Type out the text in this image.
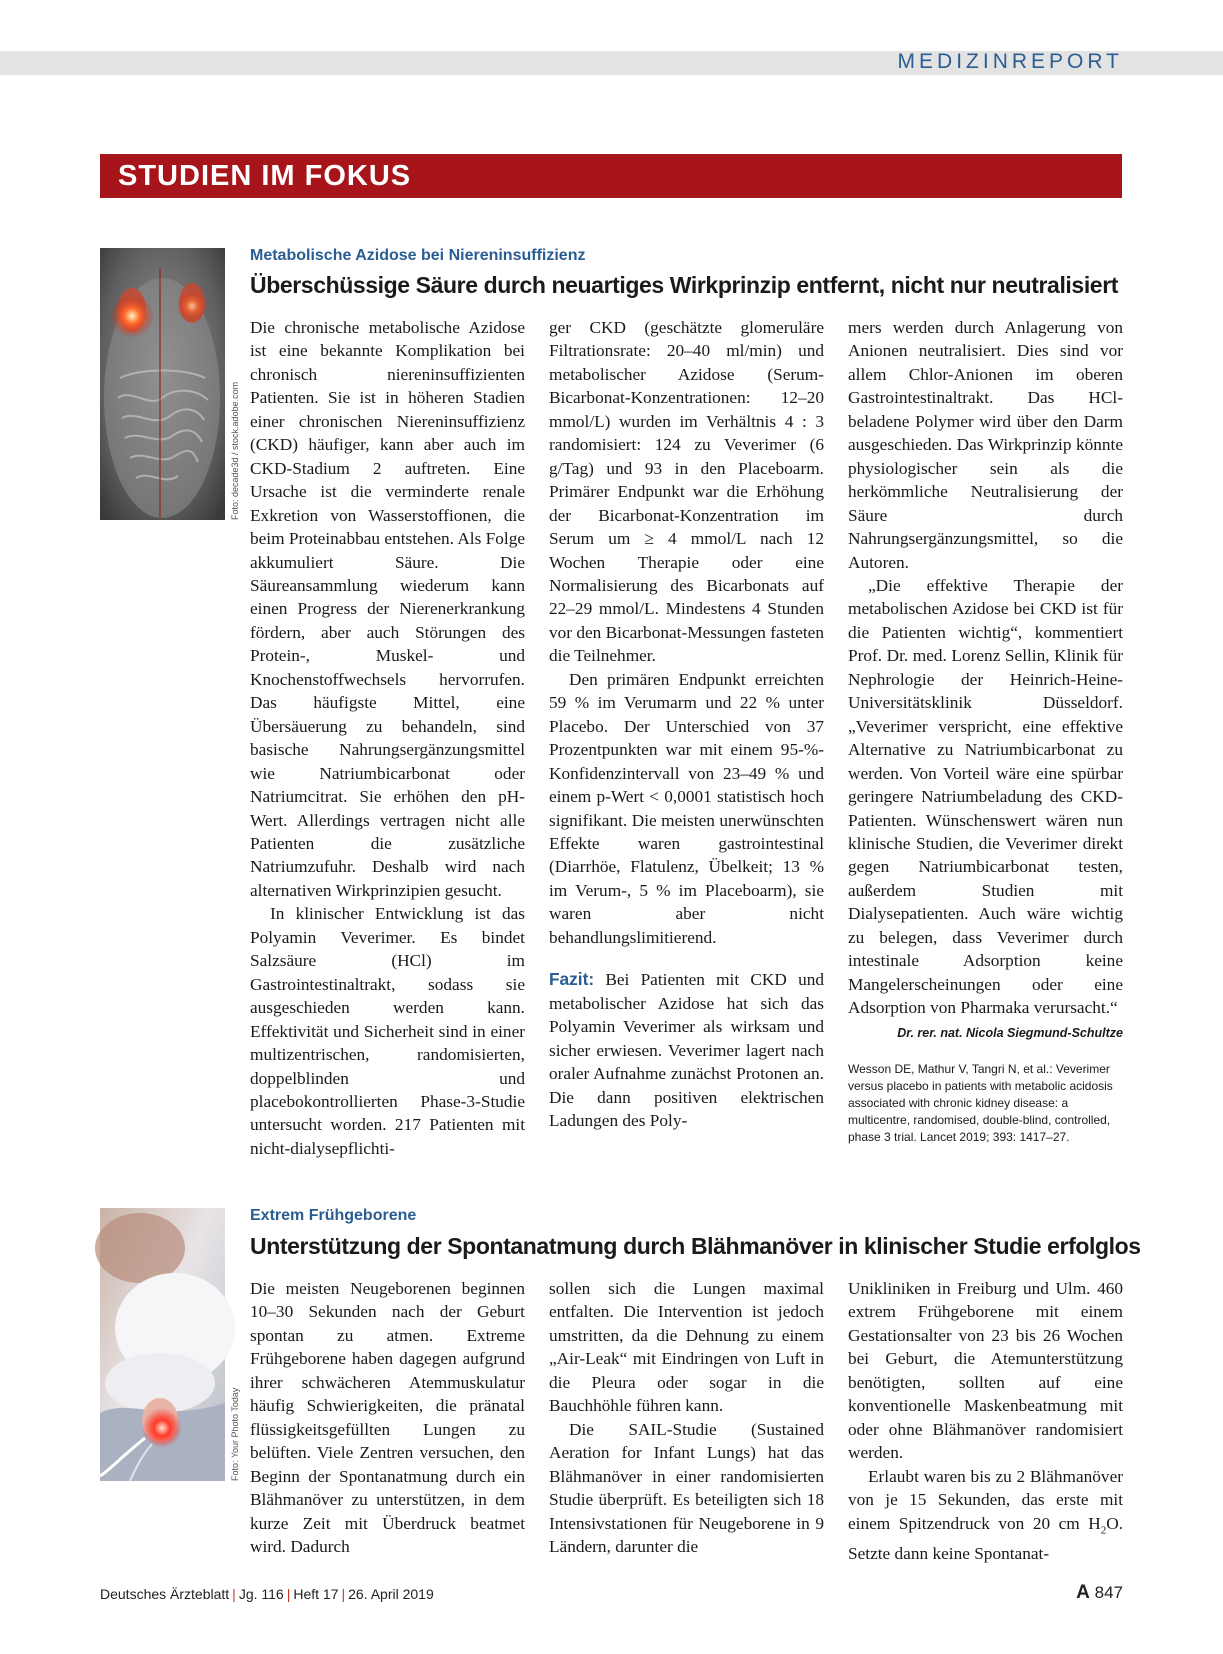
MEDIZINREPORT
STUDIEN IM FOKUS
Foto: decade3d / stock.adobe.com
Metabolische Azidose bei Niereninsuffizienz
Überschüssige Säure durch neuartiges Wirkprinzip entfernt, nicht nur neutralisiert

Die chronische metabolische Azidose ist eine bekannte Komplikation bei chronisch niereninsuffizienten Patienten. Sie ist in höheren Stadien einer chronischen Niereninsuffizienz (CKD) häufiger, kann aber auch im CKD-Stadium 2 auftreten. Eine Ursache ist die verminderte renale Exkretion von Wasserstoffionen, die beim Proteinabbau entstehen. Als Folge akkumuliert Säure. Die Säureansammlung wiederum kann einen Progress der Nierenerkrankung fördern, aber auch Störungen des Protein-, Muskel- und Knochenstoffwechsels hervorrufen. Das häufigste Mittel, eine Übersäuerung zu behandeln, sind basische Nahrungsergänzungsmittel wie Natriumbicarbonat oder Natriumcitrat. Sie erhöhen den pH-Wert. Allerdings vertragen nicht alle Patienten die zusätzliche Natriumzufuhr. Deshalb wird nach alternativen Wirkprinzipien gesucht.

In klinischer Entwicklung ist das Polyamin Veverimer. Es bindet Salzsäure (HCl) im Gastrointestinaltrakt, sodass sie ausgeschieden werden kann. Effektivität und Sicherheit sind in einer multizentrischen, randomisierten, doppelblinden und placebokontrollierten Phase-3-Studie untersucht worden. 217 Patienten mit nicht-dialysepflichti-

ger CKD (geschätzte glomeruläre Filtrationsrate: 20–40 ml/min) und metabolischer Azidose (Serum-Bicarbonat-Konzentrationen: 12–20 mmol/L) wurden im Verhältnis 4 : 3 randomisiert: 124 zu Veverimer (6 g/Tag) und 93 in den Placeboarm. Primärer Endpunkt war die Erhöhung der Bicarbonat-Konzentration im Serum um ≥ 4 mmol/L nach 12 Wochen Therapie oder eine Normalisierung des Bicarbonats auf 22–29 mmol/L. Mindestens 4 Stunden vor den Bicarbonat-Messungen fasteten die Teilnehmer.

Den primären Endpunkt erreichten 59 % im Verumarm und 22 % unter Placebo. Der Unterschied von 37 Prozentpunkten war mit einem 95-%-Konfidenzintervall von 23–49 % und einem p-Wert < 0,0001 statistisch hoch signifikant. Die meisten unerwünschten Effekte waren gastrointestinal (Diarrhöe, Flatulenz, Übelkeit; 13 % im Verum-, 5 % im Placeboarm), sie waren aber nicht behandlungslimitierend.

Fazit: Bei Patienten mit CKD und metabolischer Azidose hat sich das Polyamin Veverimer als wirksam und sicher erwiesen. Veverimer lagert nach oraler Aufnahme zunächst Protonen an. Die dann positiven elektrischen Ladungen des Poly-

mers werden durch Anlagerung von Anionen neutralisiert. Dies sind vor allem Chlor-Anionen im oberen Gastrointestinaltrakt. Das HCl-beladene Polymer wird über den Darm ausgeschieden. Das Wirkprinzip könnte physiologischer sein als die herkömmliche Neutralisierung der Säure durch Nahrungsergänzungsmittel, so die Autoren.

„Die effektive Therapie der metabolischen Azidose bei CKD ist für die Patienten wichtig“, kommentiert Prof. Dr. med. Lorenz Sellin, Klinik für Nephrologie der Heinrich-Heine-Universitätsklinik Düsseldorf. „Veverimer verspricht, eine effektive Alternative zu Natriumbicarbonat zu werden. Von Vorteil wäre eine spürbar geringere Natriumbeladung des CKD-Patienten. Wünschenswert wären nun klinische Studien, die Veverimer direkt gegen Natriumbicarbonat testen, außerdem Studien mit Dialysepatienten. Auch wäre wichtig zu belegen, dass Veverimer durch intestinale Adsorption keine Mangelerscheinungen oder eine Adsorption von Pharmaka verursacht.“

Dr. rer. nat. Nicola Siegmund-Schultze
Wesson DE, Mathur V, Tangri N, et al.: Veverimer versus placebo in patients with metabolic acidosis associated with chronic kidney disease: a multicentre, randomised, double-blind, controlled, phase 3 trial. Lancet 2019; 393: 1417–27.
Foto: Your Photo Today
Extrem Frühgeborene
Unterstützung der Spontanatmung durch Blähmanöver in klinischer Studie erfolglos

Die meisten Neugeborenen beginnen 10–30 Sekunden nach der Geburt spontan zu atmen. Extreme Frühgeborene haben dagegen aufgrund ihrer schwächeren Atemmuskulatur häufig Schwierigkeiten, die pränatal flüssigkeitsgefüllten Lungen zu belüften. Viele Zentren versuchen, den Beginn der Spontanatmung durch ein Blähmanöver zu unterstützen, in dem kurze Zeit mit Überdruck beatmet wird. Dadurch

sollen sich die Lungen maximal entfalten. Die Intervention ist jedoch umstritten, da die Dehnung zu einem „Air-Leak“ mit Eindringen von Luft in die Pleura oder sogar in die Bauchhöhle führen kann.

Die SAIL-Studie (Sustained Aeration for Infant Lungs) hat das Blähmanöver in einer randomisierten Studie überprüft. Es beteiligten sich 18 Intensivstationen für Neugeborene in 9 Ländern, darunter die

Unikliniken in Freiburg und Ulm. 460 extrem Frühgeborene mit einem Gestationsalter von 23 bis 26 Wochen bei Geburt, die Atemunterstützung benötigten, sollten auf eine konventionelle Maskenbeatmung mit oder ohne Blähmanöver randomisiert werden.

Erlaubt waren bis zu 2 Blähmanöver von je 15 Sekunden, das erste mit einem Spitzendruck von 20 cm $H_2O$. Setzte dann keine Spontanat-

Deutsches Ärzteblatt | Jg. 116 | Heft 17 | 26. April 2019	A 847
